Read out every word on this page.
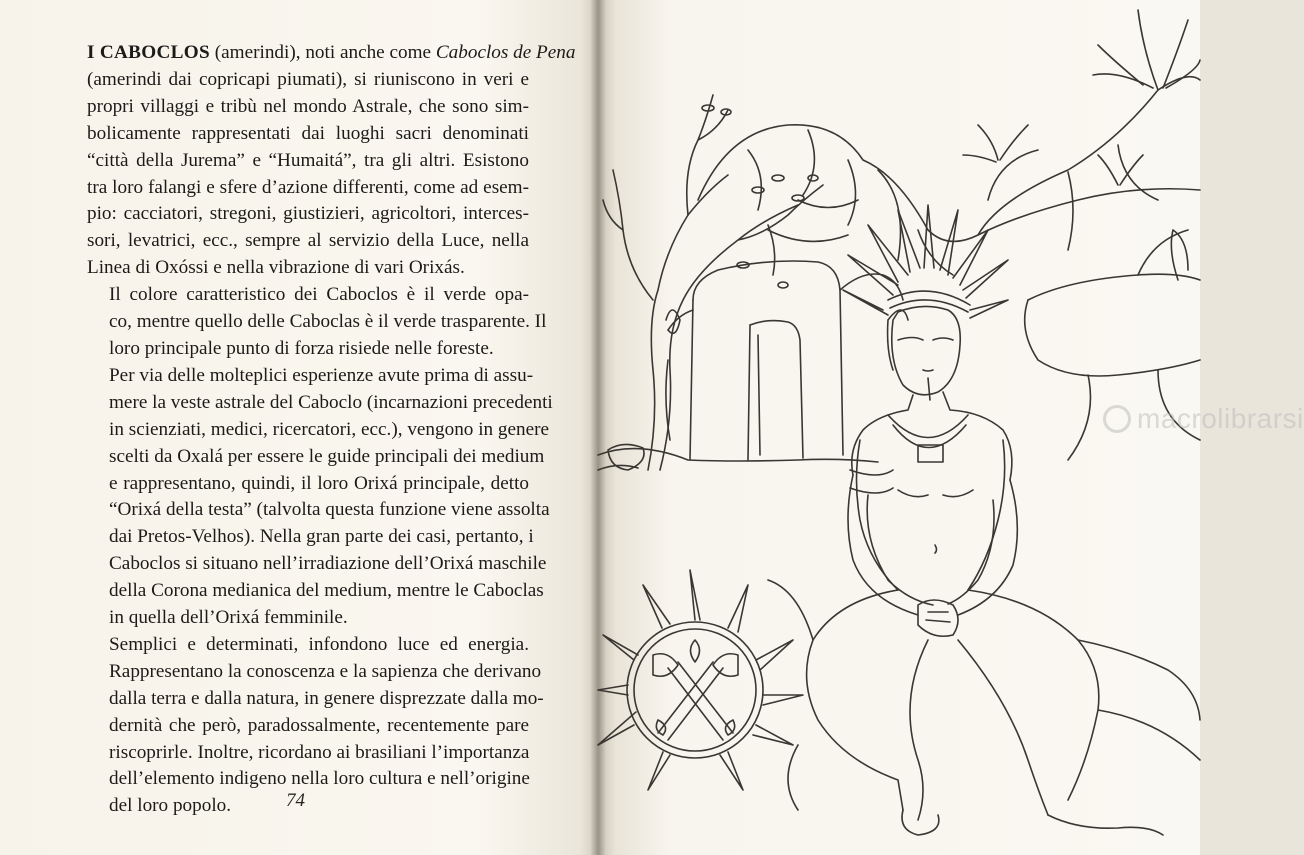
I CABOCLOS (amerindi), noti anche come Caboclos de Pena
(amerindi dai copricapi piumati), si riuniscono in veri e
propri villaggi e tribù nel mondo Astrale, che sono sim-
bolicamente rappresentati dai luoghi sacri denominati
“città della Jurema” e “Humaitá”, tra gli altri. Esistono
tra loro falangi e sfere d’azione differenti, come ad esem-
pio: cacciatori, stregoni, giustizieri, agricoltori, interces-
sori, levatrici, ecc., sempre al servizio della Luce, nella
Linea di Oxóssi e nella vibrazione di vari Orixás.

Il colore caratteristico dei Caboclos è il verde opa-
co, mentre quello delle Caboclas è il verde trasparente. Il
loro principale punto di forza risiede nelle foreste.

Per via delle molteplici esperienze avute prima di assu-
mere la veste astrale del Caboclo (incarnazioni precedenti
in scienziati, medici, ricercatori, ecc.), vengono in genere
scelti da Oxalá per essere le guide principali dei medium
e rappresentano, quindi, il loro Orixá principale, detto
“Orixá della testa” (talvolta questa funzione viene assolta
dai Pretos-Velhos). Nella gran parte dei casi, pertanto, i
Caboclos si situano nell’irradiazione dell’Orixá maschile
della Corona medianica del medium, mentre le Caboclas
in quella dell’Orixá femminile.

Semplici e determinati, infondono luce ed energia.
Rappresentano la conoscenza e la sapienza che derivano
dalla terra e dalla natura, in genere disprezzate dalla mo-
dernità che però, paradossalmente, recentemente pare
riscoprirle. Inoltre, ricordano ai brasiliani l’importanza
dell’elemento indigeno nella loro cultura e nell’origine
del loro popolo.	74
macrolibrarsi
